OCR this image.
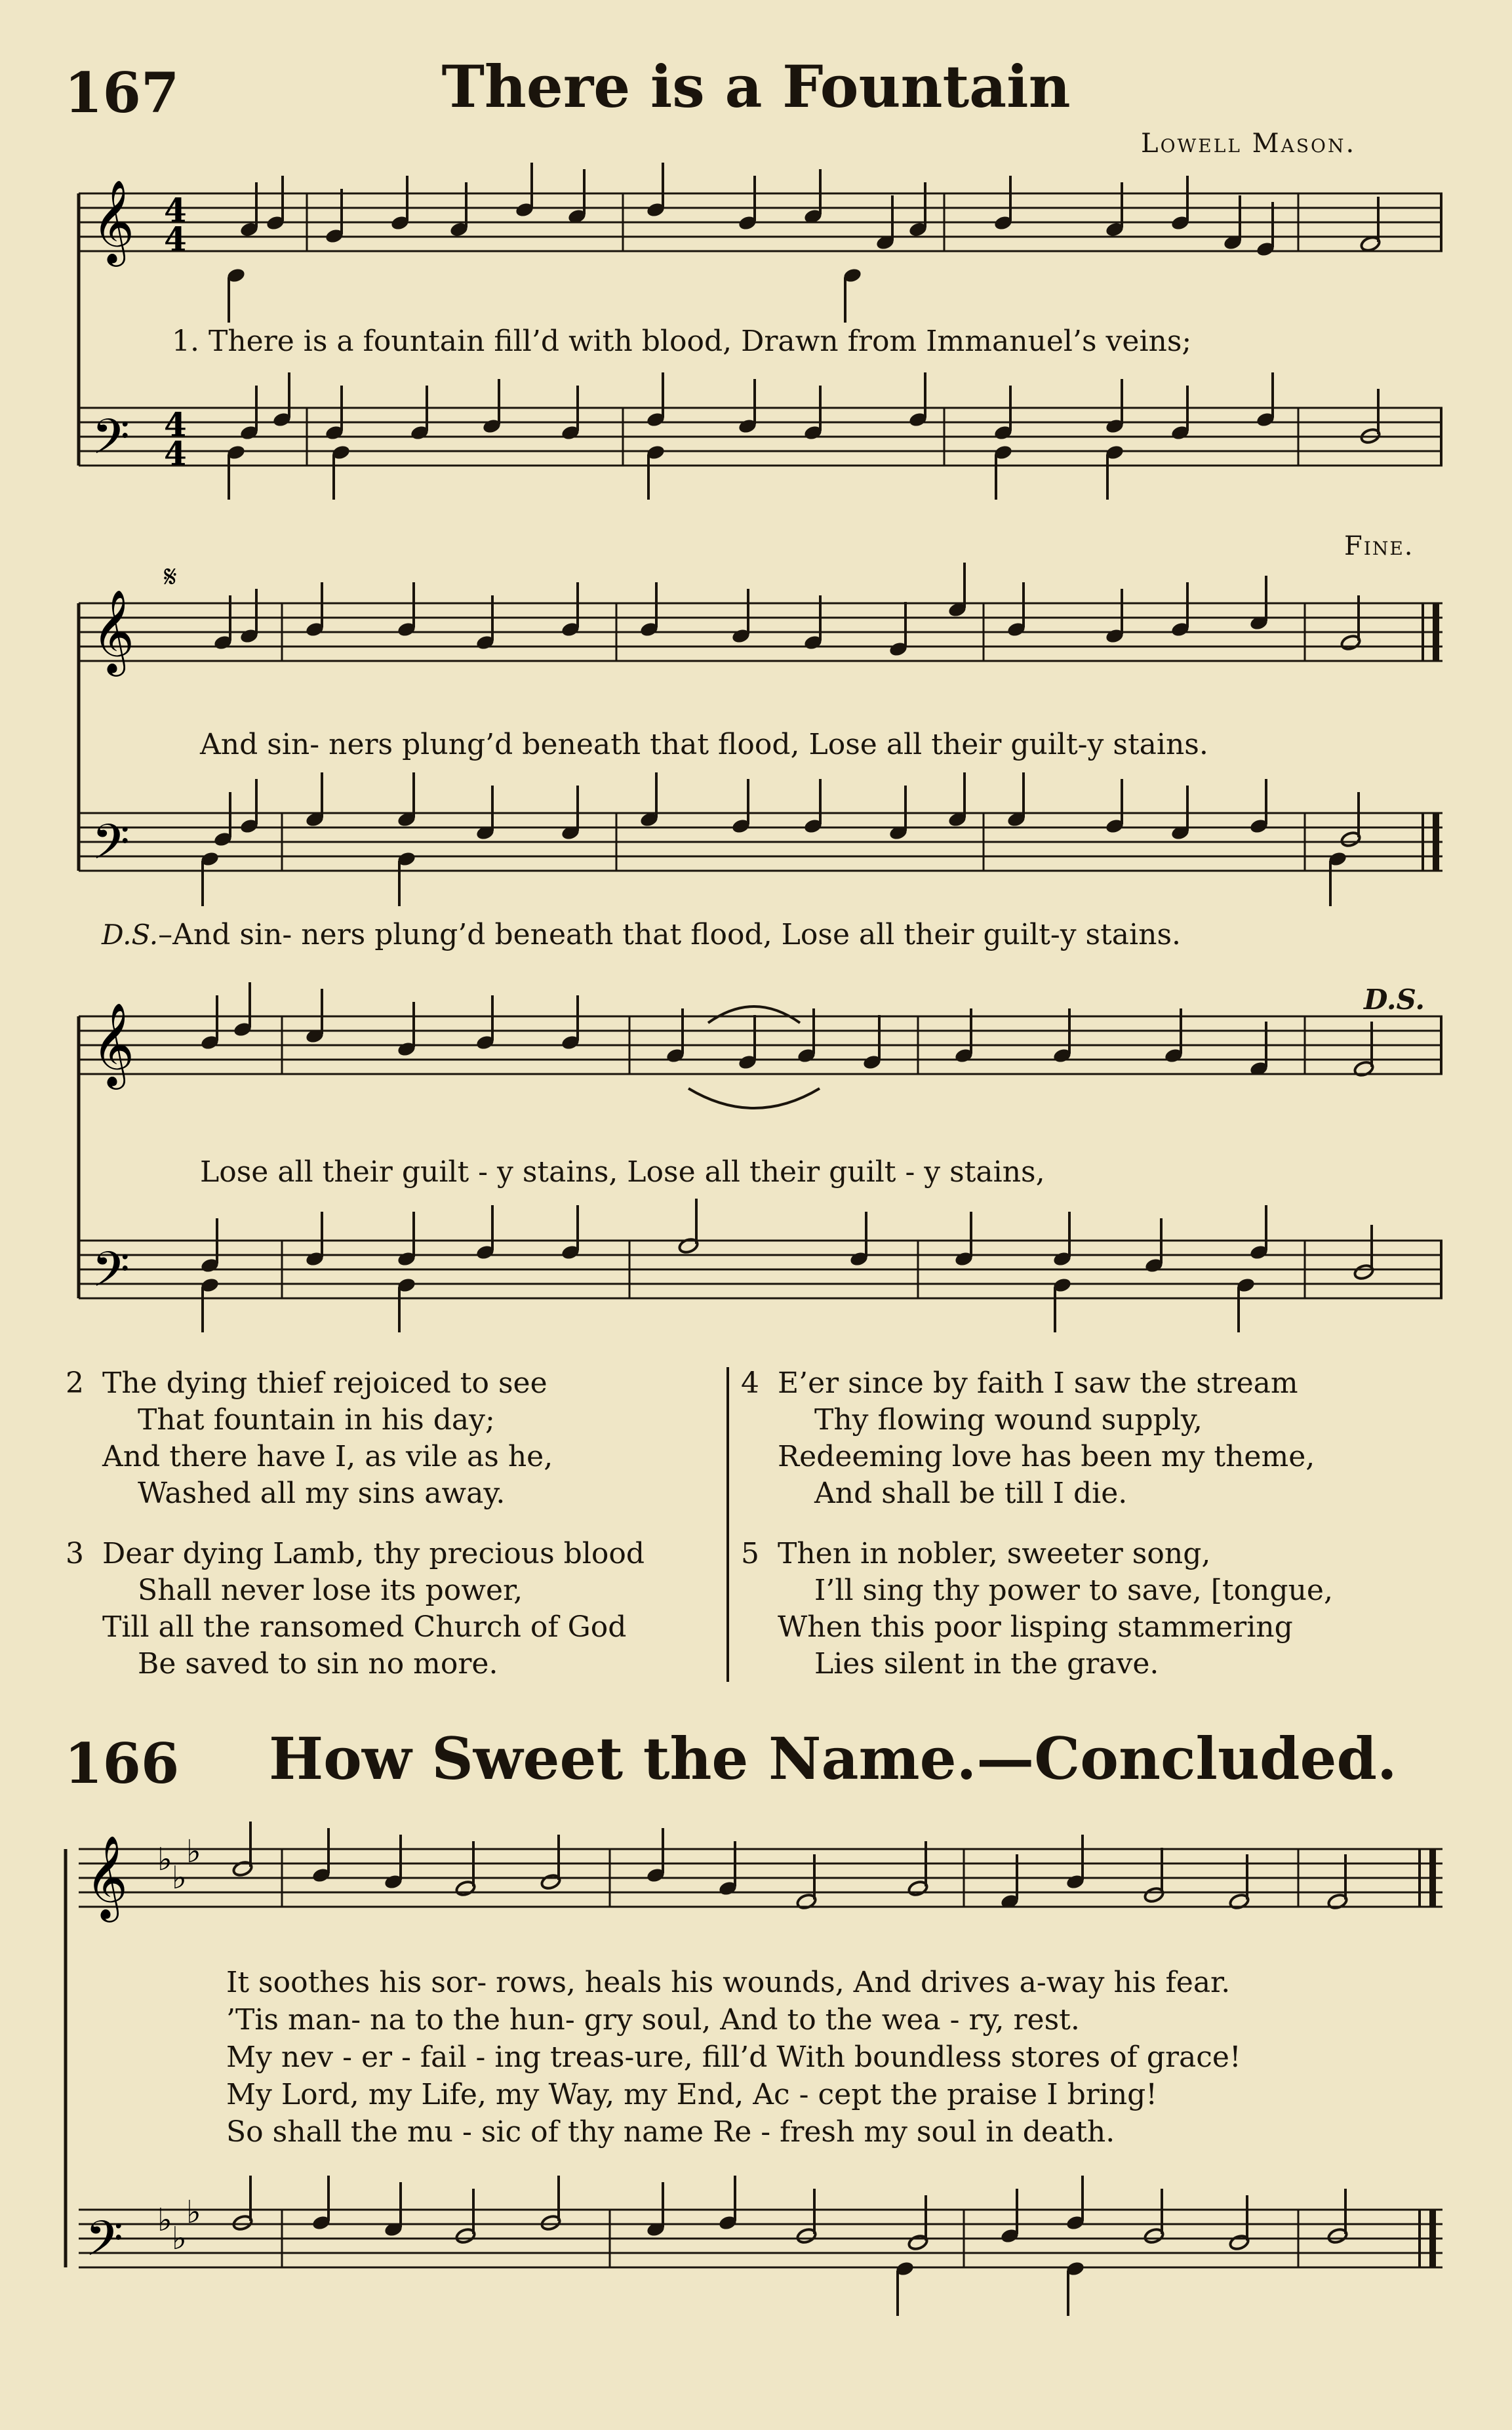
167	There is a Fountain
Lowell Mason.
𝄞
𝄢
4
4
4
4
𝄞
𝄢
𝄋
𝄞
𝄢
𝄞
𝄢
♭ ♭
♭
♭ ♭
♭
1. There is a fountain fill’d with blood, Drawn from Immanuel’s veins;
Fine.
And sin- ners plung’d beneath that flood, Lose all their guilt-y stains.
D.S.–And sin- ners plung’d beneath that flood, Lose all their guilt-y stains.
D.S.
Lose all their guilt - y stains, Lose all their guilt - y stains,
2 The dying thief rejoiced to see
That fountain in his day;
And there have I, as vile as he,
Washed all my sins away.
3 Dear dying Lamb, thy precious blood
Shall never lose its power,
Till all the ransomed Church of God
Be saved to sin no more.
4 E’er since by faith I saw the stream
Thy flowing wound supply,
Redeeming love has been my theme,
And shall be till I die.
5 Then in nobler, sweeter song,
I’ll sing thy power to save, [tongue,
When this poor lisping stammering
Lies silent in the grave.
166 How Sweet the Name.—Concluded.
It soothes his sor- rows, heals his wounds, And drives a-way his fear.
’Tis man- na to the hun- gry soul, And to the wea - ry, rest.
My nev - er - fail - ing treas-ure, fill’d With boundless stores of grace!
My Lord, my Life, my Way, my End, Ac - cept the praise I bring!
So shall the mu - sic of thy name Re - fresh my soul in death.
